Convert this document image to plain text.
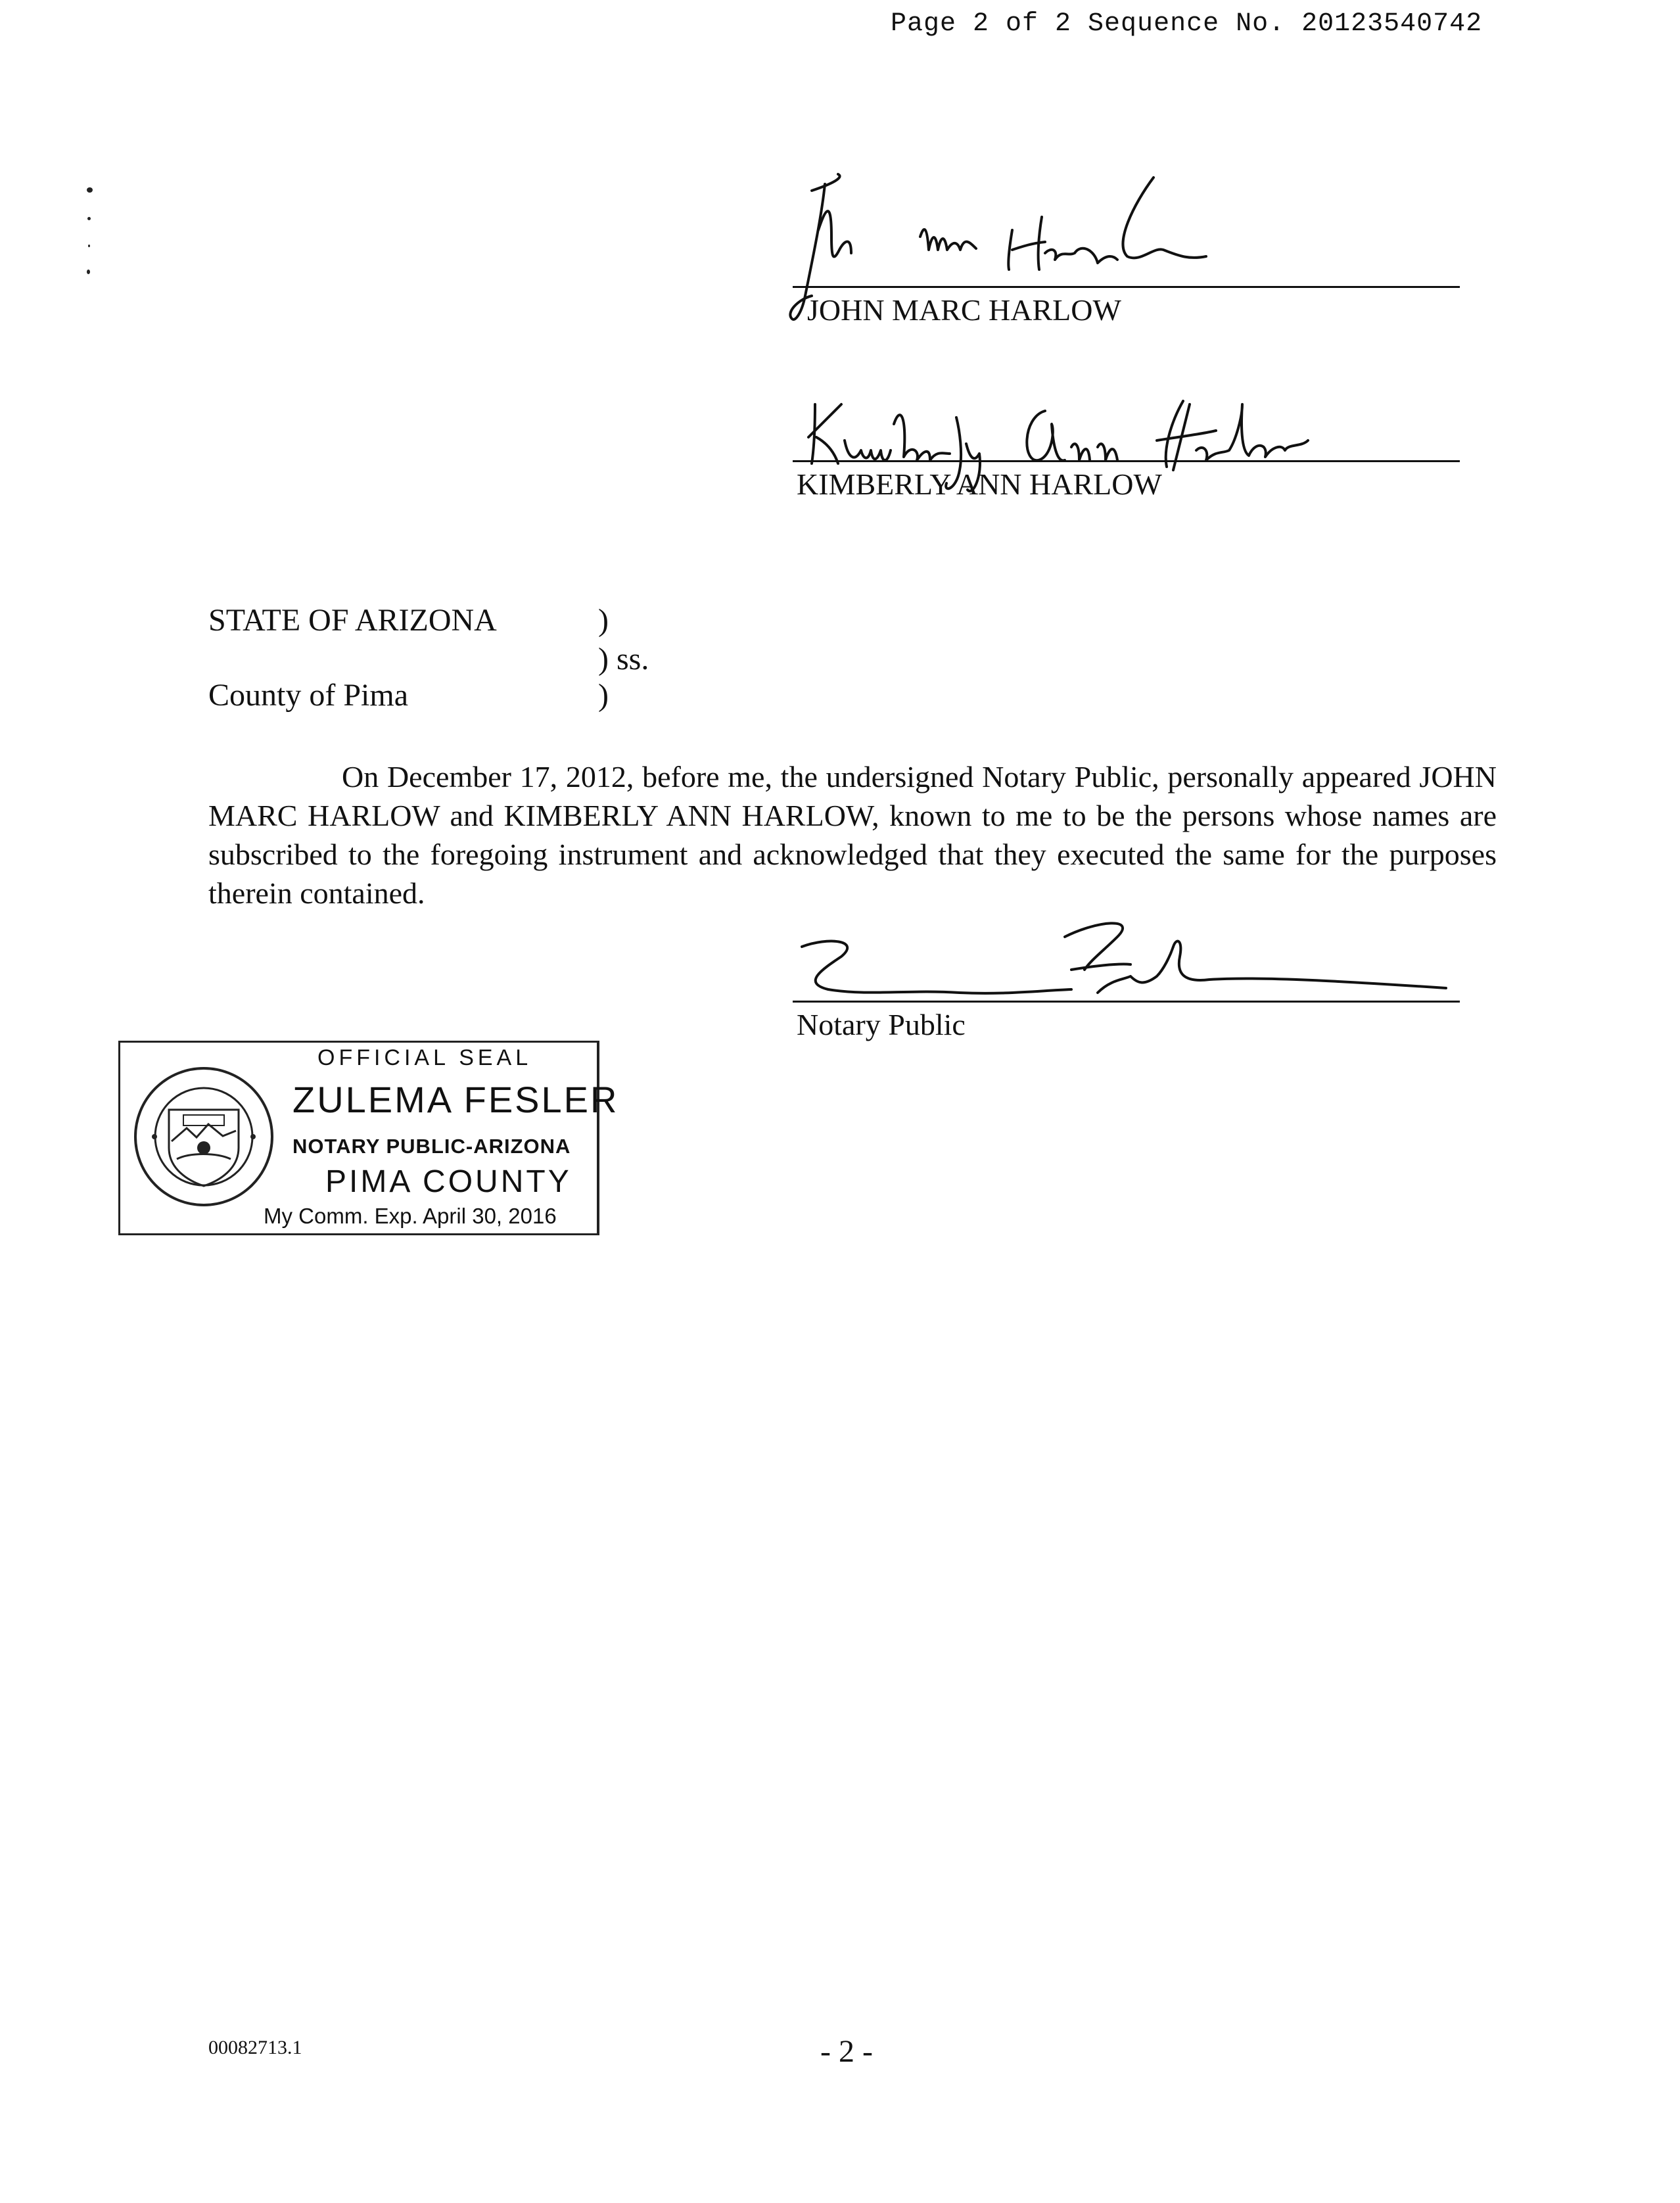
Page 2 of 2 Sequence No. 20123540742
JOHN MARC HARLOW
KIMBERLY ANN HARLOW
STATE OF ARIZONA	)
) ss.
County of Pima	)

On December 17, 2012, before me, the undersigned Notary Public, personally appeared JOHN MARC HARLOW and KIMBERLY ANN HARLOW, known to me to be the persons whose names are subscribed to the foregoing instrument and acknowledged that they executed the same for the purposes therein contained.

Notary Public
OFFICIAL SEAL
ZULEMA FESLER
NOTARY PUBLIC-ARIZONA
PIMA COUNTY
My Comm. Exp. April 30, 2016
00082713.1	- 2 -
